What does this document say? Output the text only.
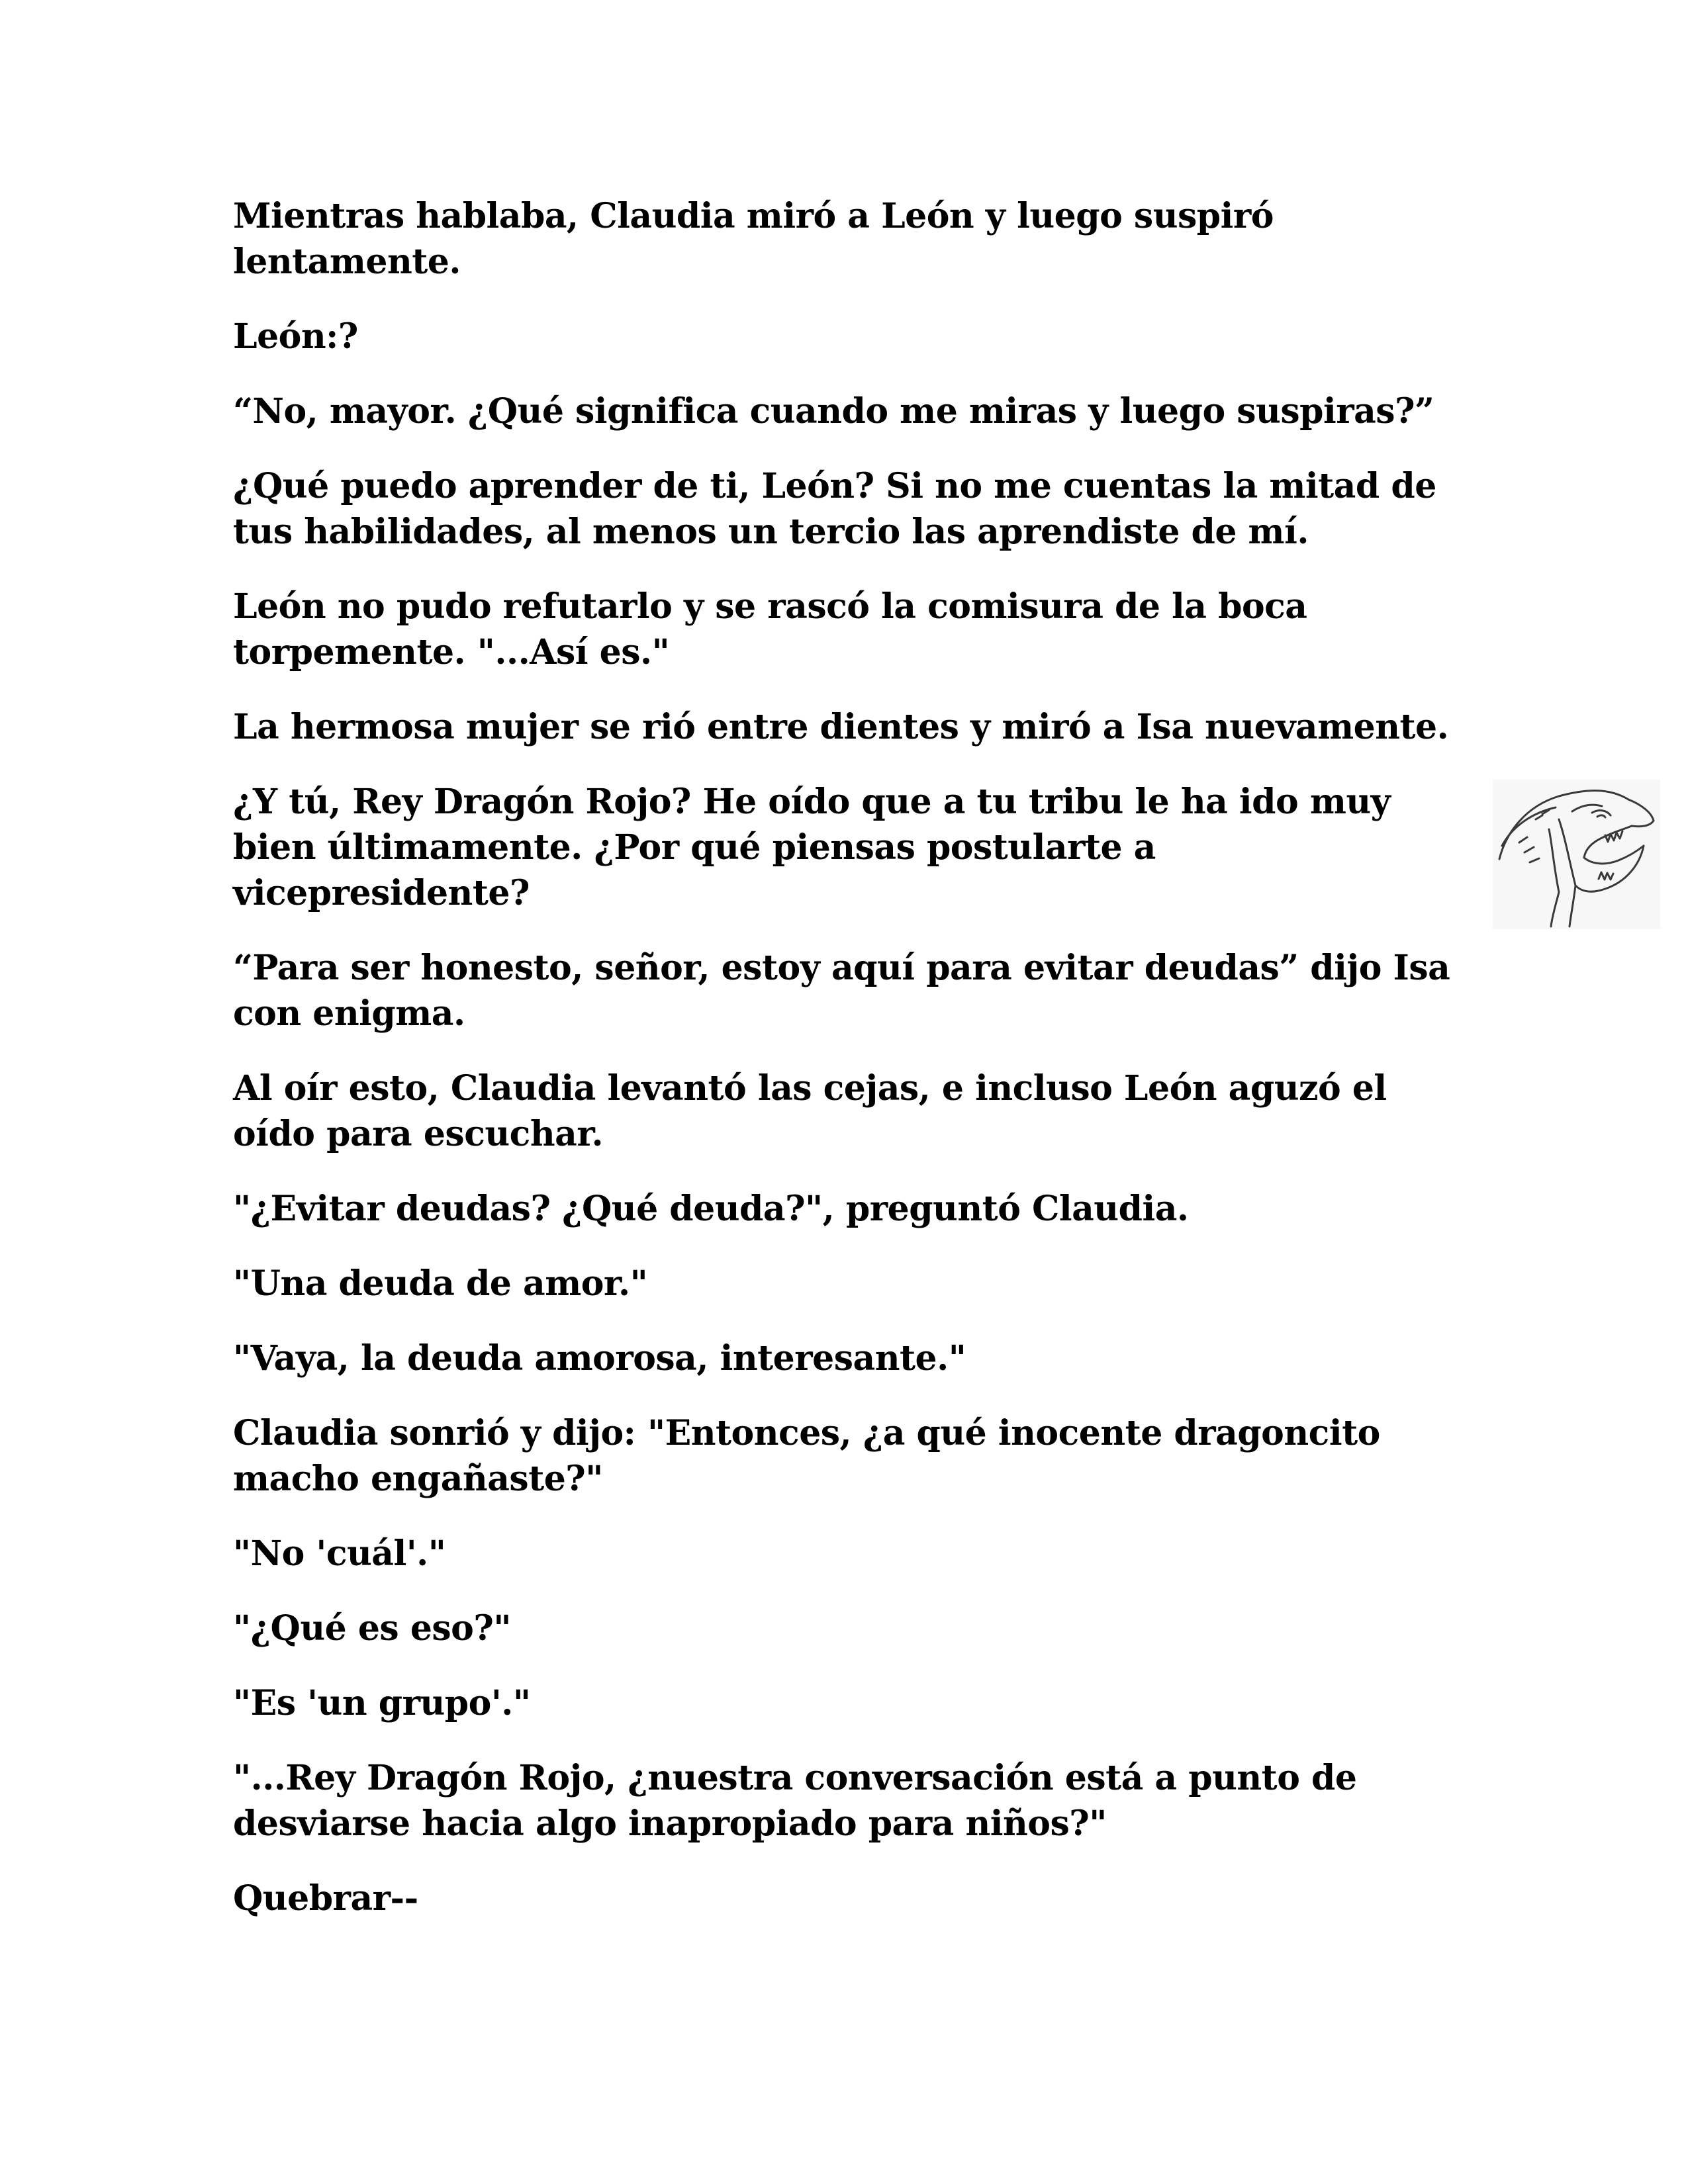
Mientras hablaba, Claudia miró a León y luego suspiró lentamente.

León:?

“No, mayor. ¿Qué significa cuando me miras y luego suspiras?”

¿Qué puedo aprender de ti, León? Si no me cuentas la mitad de tus habilidades, al menos un tercio las aprendiste de mí.

León no pudo refutarlo y se rascó la comisura de la boca torpemente. "...Así es."

La hermosa mujer se rió entre dientes y miró a Isa nuevamente.

¿Y tú, Rey Dragón Rojo? He oído que a tu tribu le ha ido muy bien últimamente. ¿Por qué piensas postularte a vicepresidente?

“Para ser honesto, señor, estoy aquí para evitar deudas” dijo Isa con enigma.

Al oír esto, Claudia levantó las cejas, e incluso León aguzó el oído para escuchar.

"¿Evitar deudas? ¿Qué deuda?", preguntó Claudia.

"Una deuda de amor."

"Vaya, la deuda amorosa, interesante."

Claudia sonrió y dijo: "Entonces, ¿a qué inocente dragoncito macho engañaste?"

"No 'cuál'."

"¿Qué es eso?"

"Es 'un grupo'."

"...Rey Dragón Rojo, ¿nuestra conversación está a punto de desviarse hacia algo inapropiado para niños?"

Quebrar--
